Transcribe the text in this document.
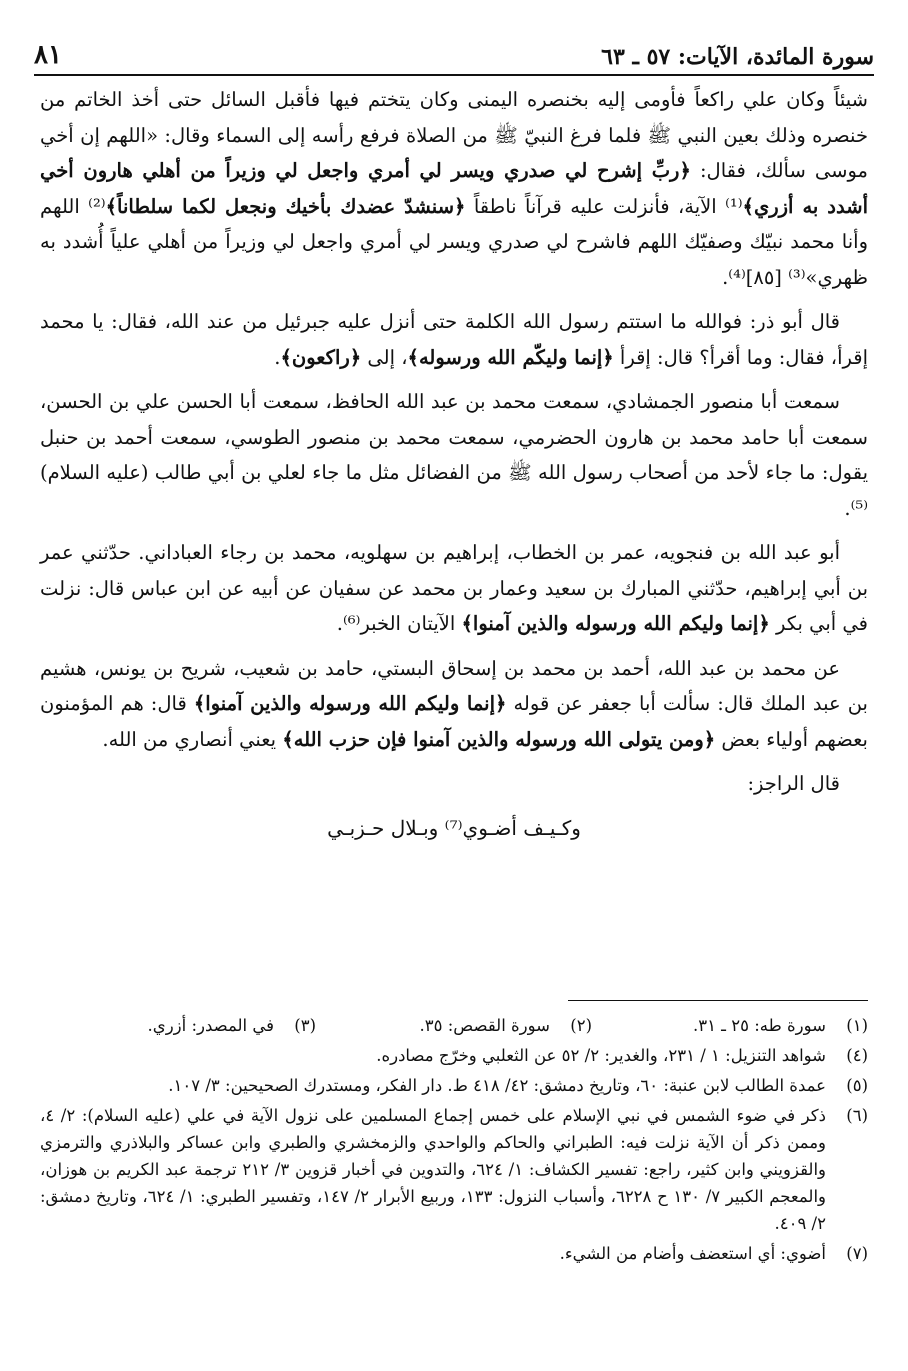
سورة المائدة، الآيات: ٥٧ ـ ٦٣
٨١

شيئاً وكان علي راكعاً فأومى إليه بخنصره اليمنى وكان يتختم فيها فأقبل السائل حتى أخذ الخاتم من خنصره وذلك بعين النبي ﷺ فلما فرغ النبيّ ﷺ من الصلاة فرفع رأسه إلى السماء وقال: «اللهم إن أخي موسى سألك، فقال: ﴿ربِّ إشرح لي صدري ويسر لي أمري واجعل لي وزيراً من أهلي هارون أخي أشدد به أزري﴾⁽¹⁾ الآية، فأنزلت عليه قرآناً ناطقاً ﴿سنشدّ عضدك بأخيك ونجعل لكما سلطاناً﴾⁽²⁾ اللهم وأنا محمد نبيّك وصفيّك اللهم فاشرح لي صدري ويسر لي أمري واجعل لي وزيراً من أهلي علياً أُشدد به ظهري»⁽³⁾ [٨٥]⁽⁴⁾.

قال أبو ذر: فوالله ما استتم رسول الله الكلمة حتى أنزل عليه جبرئيل من عند الله، فقال: يا محمد إقرأ، فقال: وما أقرأ؟ قال: إقرأ ﴿إنما وليكّم الله ورسوله﴾، إلى ﴿راكعون﴾.

سمعت أبا منصور الجمشادي، سمعت محمد بن عبد الله الحافظ، سمعت أبا الحسن علي بن الحسن، سمعت أبا حامد محمد بن هارون الحضرمي، سمعت محمد بن منصور الطوسي، سمعت أحمد بن حنبل يقول: ما جاء لأحد من أصحاب رسول الله ﷺ من الفضائل مثل ما جاء لعلي بن أبي طالب (عليه السلام)⁽⁵⁾.

أبو عبد الله بن فنجويه، عمر بن الخطاب، إبراهيم بن سهلويه، محمد بن رجاء العباداني. حدّثني عمر بن أبي إبراهيم، حدّثني المبارك بن سعيد وعمار بن محمد عن سفيان عن أبيه عن ابن عباس قال: نزلت في أبي بكر ﴿إنما وليكم الله ورسوله والذين آمنوا﴾ الآيتان الخبر⁽⁶⁾.

عن محمد بن عبد الله، أحمد بن محمد بن إسحاق البستي، حامد بن شعيب، شريح بن يونس، هشيم بن عبد الملك قال: سألت أبا جعفر عن قوله ﴿إنما وليكم الله ورسوله والذين آمنوا﴾ قال: هم المؤمنون بعضهم أولياء بعض ﴿ومن يتولى الله ورسوله والذين آمنوا فإن حزب الله﴾ يعني أنصاري من الله.

قال الراجز:

وكـيـف أضـوي⁽⁷⁾ وبـلال حـزبـي
(١)
سورة طه: ٢٥ ـ ٣١.
(٢)
سورة القصص: ٣٥.
(٣)
في المصدر: أزري.
(٤)
شواهد التنزيل: ١ / ٢٣١، والغدير: ٢/ ٥٢ عن الثعلبي وخرّج مصادره.
(٥)
عمدة الطالب لابن عنبة: ٦٠، وتاريخ دمشق: ٤٢/ ٤١٨ ط. دار الفكر، ومستدرك الصحيحين: ٣/ ١٠٧.
(٦)
ذكر في ضوء الشمس في نبي الإسلام على خمس إجماع المسلمين على نزول الآية في علي (عليه السلام): ٢/ ٤، وممن ذكر أن الآية نزلت فيه: الطبراني والحاكم والواحدي والزمخشري والطبري وابن عساكر والبلاذري والترمزي والقزويني وابن كثير، راجع: تفسير الكشاف: ١/ ٦٢٤، والتدوين في أخبار قزوين ٣/ ٢١٢ ترجمة عبد الكريم بن هوزان، والمعجم الكبير ٧/ ١٣٠ ح ٦٢٢٨، وأسباب النزول: ١٣٣، وربيع الأبرار ٢/ ١٤٧، وتفسير الطبري: ١/ ٦٢٤، وتاريخ دمشق: ٢/ ٤٠٩.
(٧)
أضوي: أي استعضف وأضام من الشيء.
